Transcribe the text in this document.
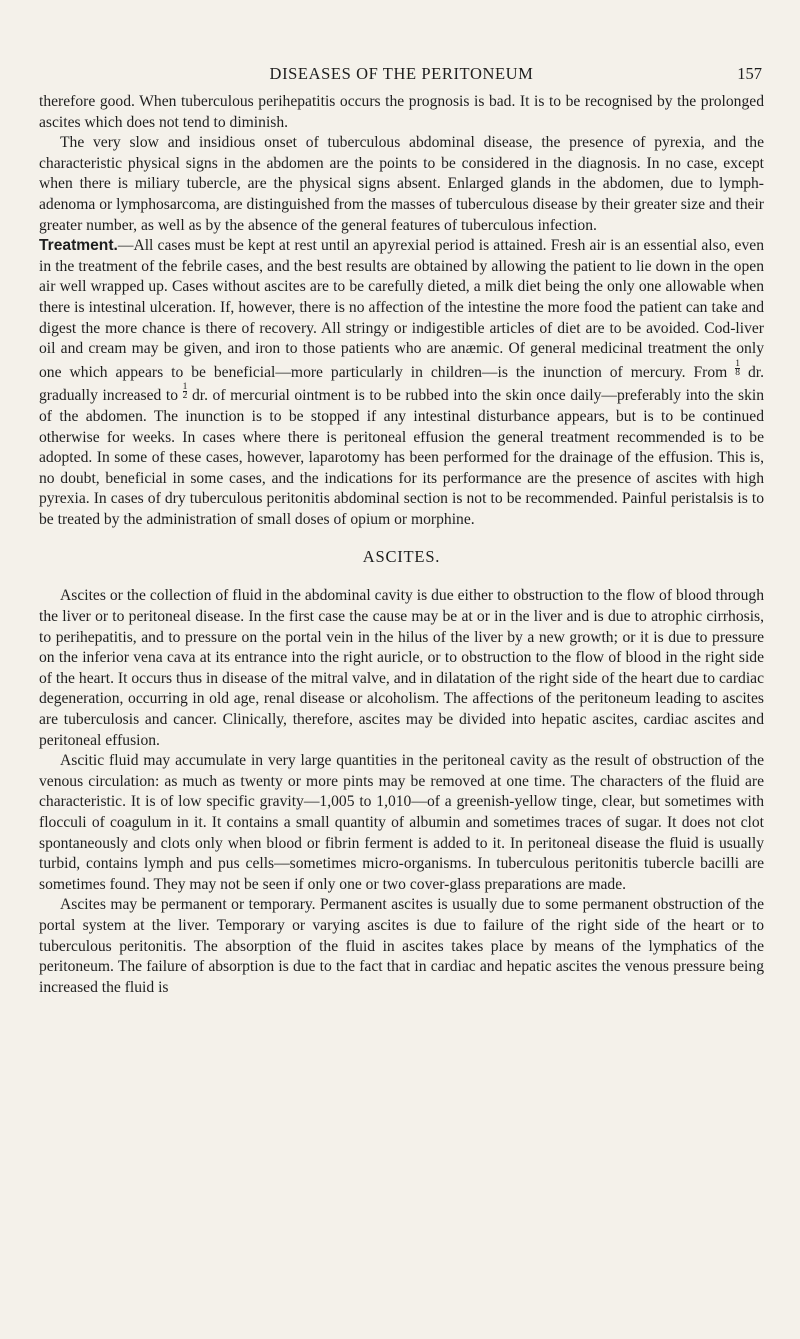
DISEASES OF THE PERITONEUM	157

therefore good. When tuberculous perihepatitis occurs the prognosis is bad. It is to be recognised by the prolonged ascites which does not tend to diminish.

The very slow and insidious onset of tuberculous abdominal disease, the presence of pyrexia, and the characteristic physical signs in the abdomen are the points to be considered in the diagnosis. In no case, except when there is miliary tubercle, are the physical signs absent. Enlarged glands in the abdomen, due to lymph-adenoma or lymphosarcoma, are distinguished from the masses of tuberculous disease by their greater size and their greater number, as well as by the absence of the general features of tuberculous infection.

Treatment.—All cases must be kept at rest until an apyrexial period is attained. Fresh air is an essential also, even in the treatment of the febrile cases, and the best results are obtained by allowing the patient to lie down in the open air well wrapped up. Cases without ascites are to be carefully dieted, a milk diet being the only one allowable when there is intestinal ulceration. If, however, there is no affection of the intestine the more food the patient can take and digest the more chance is there of recovery. All stringy or indigestible articles of diet are to be avoided. Cod-liver oil and cream may be given, and iron to those patients who are anæmic. Of general medicinal treatment the only one which appears to be beneficial—more particularly in children—is the inunction of mercury. From $\frac{1}{8}$ dr. gradually increased to $\frac{1}{2}$ dr. of mercurial ointment is to be rubbed into the skin once daily—preferably into the skin of the abdomen. The inunction is to be stopped if any intestinal disturbance appears, but is to be continued otherwise for weeks. In cases where there is peritoneal effusion the general treatment recommended is to be adopted. In some of these cases, however, laparotomy has been performed for the drainage of the effusion. This is, no doubt, beneficial in some cases, and the indications for its performance are the presence of ascites with high pyrexia. In cases of dry tuberculous peritonitis abdominal section is not to be recommended. Painful peristalsis is to be treated by the administration of small doses of opium or morphine.

ASCITES.

Ascites or the collection of fluid in the abdominal cavity is due either to obstruction to the flow of blood through the liver or to peritoneal disease. In the first case the cause may be at or in the liver and is due to atrophic cirrhosis, to perihepatitis, and to pressure on the portal vein in the hilus of the liver by a new growth; or it is due to pressure on the inferior vena cava at its entrance into the right auricle, or to obstruction to the flow of blood in the right side of the heart. It occurs thus in disease of the mitral valve, and in dilatation of the right side of the heart due to cardiac degeneration, occurring in old age, renal disease or alcoholism. The affections of the peritoneum leading to ascites are tuberculosis and cancer. Clinically, therefore, ascites may be divided into hepatic ascites, cardiac ascites and peritoneal effusion.

Ascitic fluid may accumulate in very large quantities in the peritoneal cavity as the result of obstruction of the venous circulation: as much as twenty or more pints may be removed at one time. The characters of the fluid are characteristic. It is of low specific gravity—1,005 to 1,010—of a greenish-yellow tinge, clear, but sometimes with flocculi of coagulum in it. It contains a small quantity of albumin and sometimes traces of sugar. It does not clot spontaneously and clots only when blood or fibrin ferment is added to it. In peritoneal disease the fluid is usually turbid, contains lymph and pus cells—sometimes micro-organisms. In tuberculous peritonitis tubercle bacilli are sometimes found. They may not be seen if only one or two cover-glass preparations are made.

Ascites may be permanent or temporary. Permanent ascites is usually due to some permanent obstruction of the portal system at the liver. Temporary or varying ascites is due to failure of the right side of the heart or to tuberculous peritonitis. The absorption of the fluid in ascites takes place by means of the lymphatics of the peritoneum. The failure of absorption is due to the fact that in cardiac and hepatic ascites the venous pressure being increased the fluid is
